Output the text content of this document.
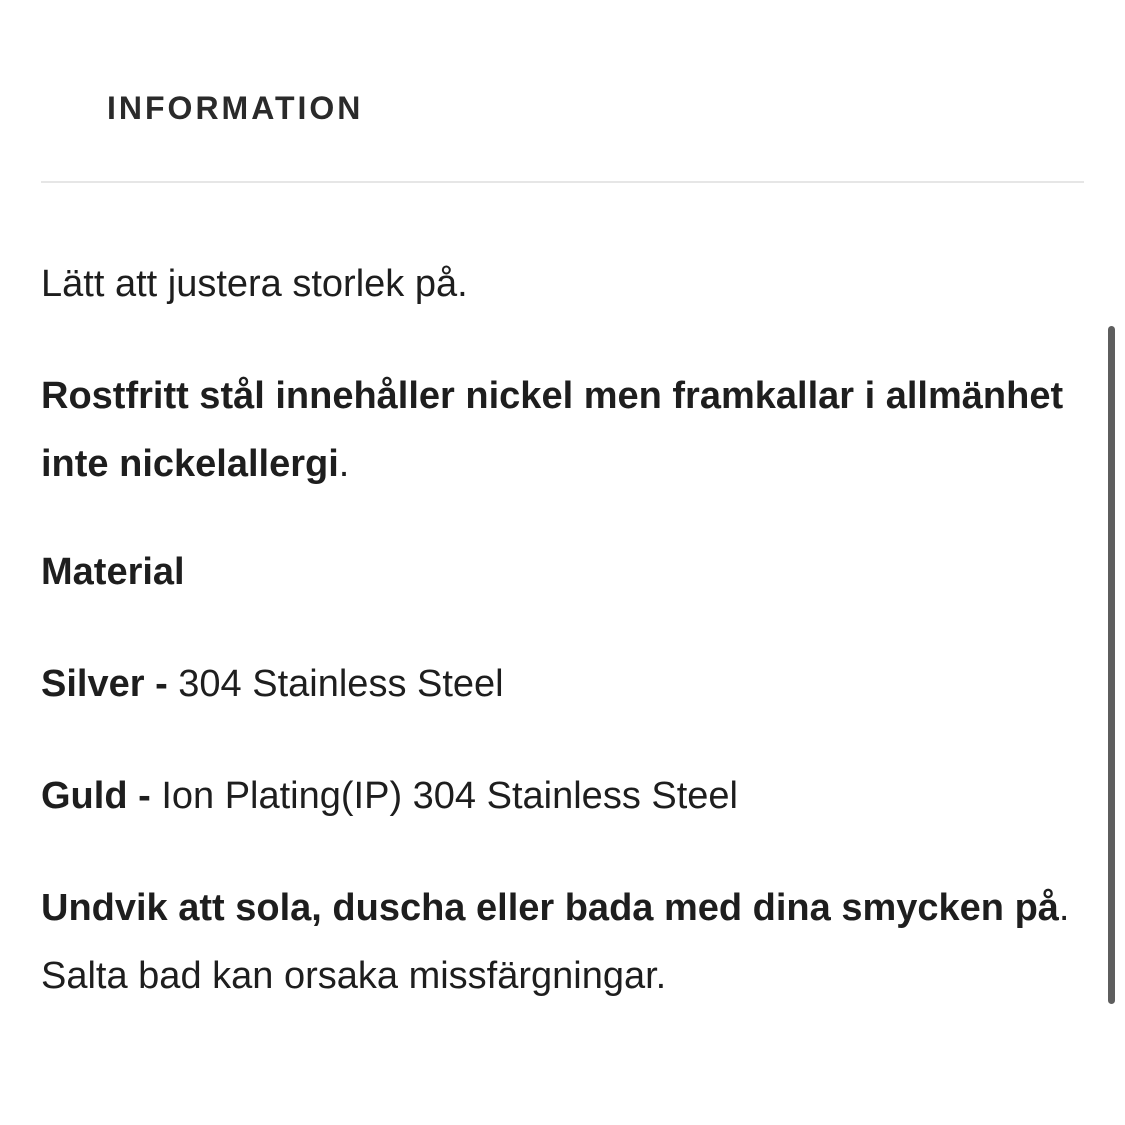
INFORMATION

Lätt att justera storlek på.

Rostfritt stål innehåller nickel men framkallar i allmänhet inte nickelallergi.

Material

Silver - 304 Stainless Steel

Guld - Ion Plating(IP) 304 Stainless Steel

Undvik att sola, duscha eller bada med dina smycken på. Salta bad kan orsaka missfärgningar.
